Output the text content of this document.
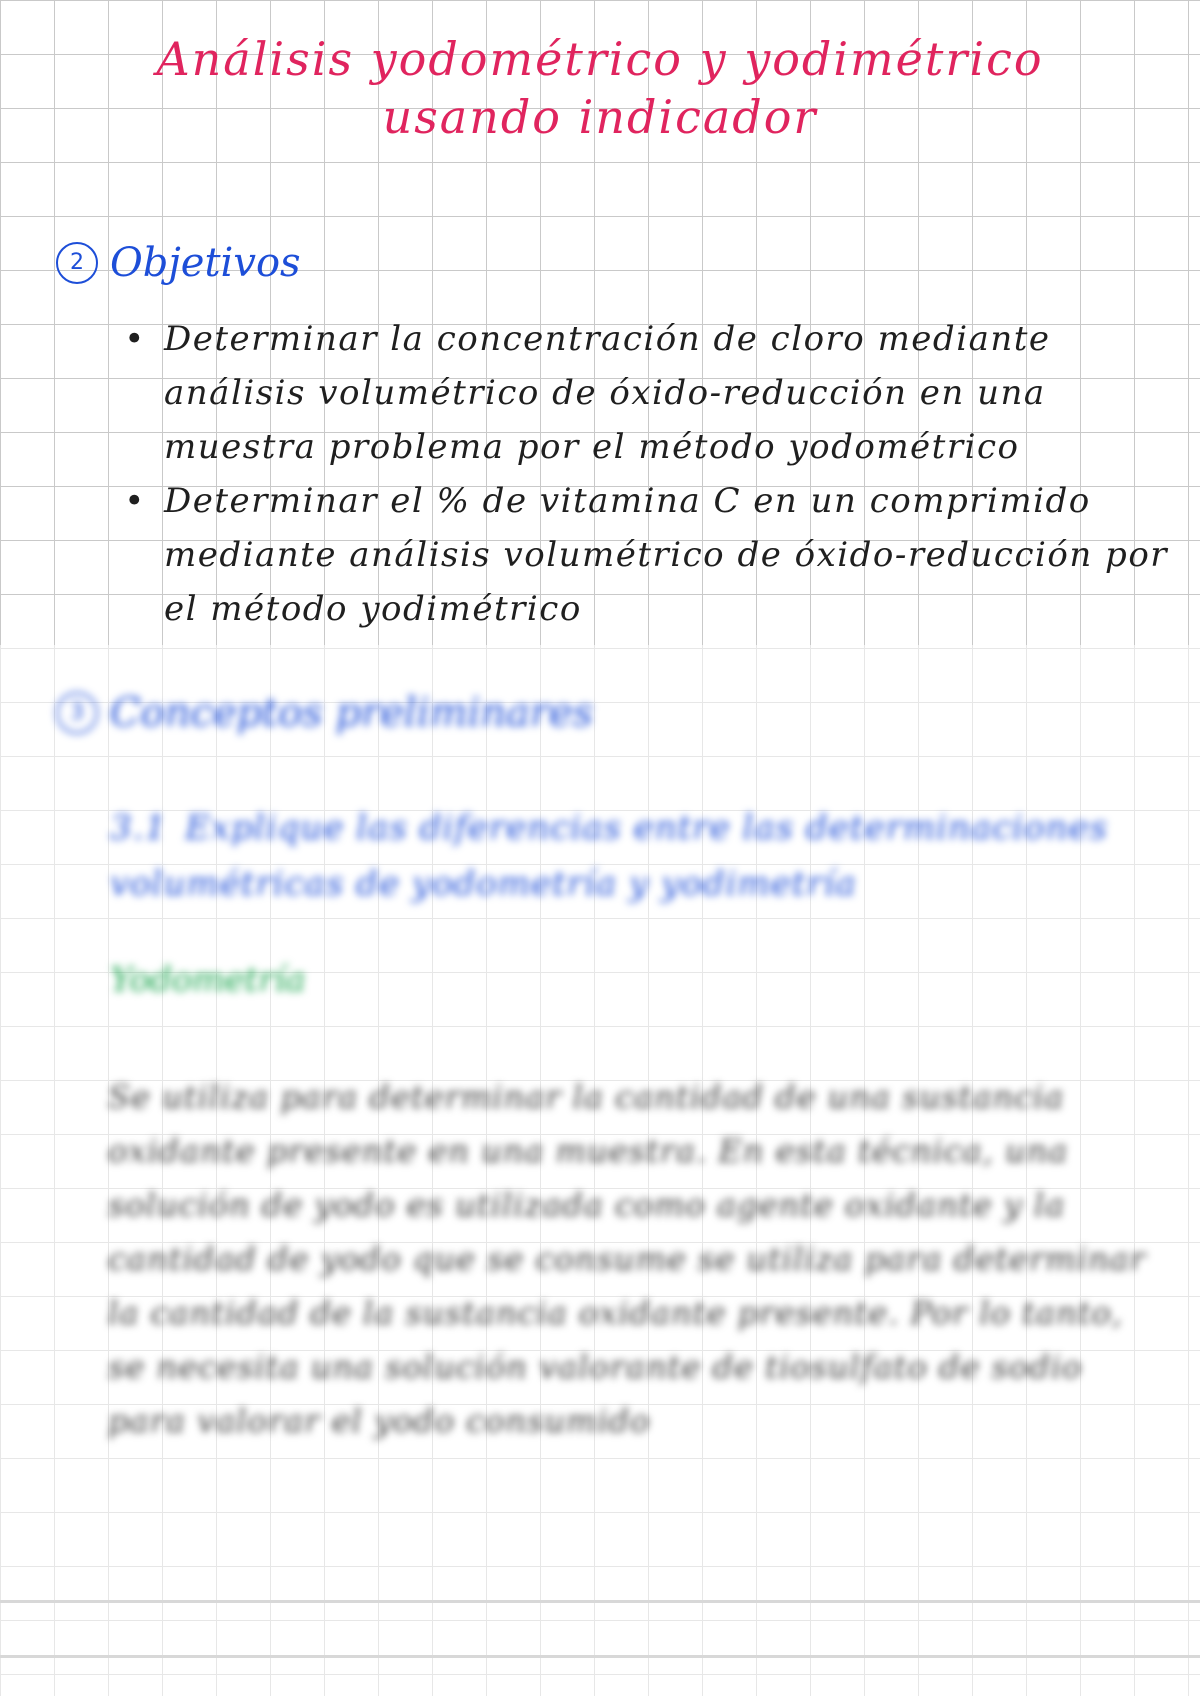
Análisis yodométrico y yodimétrico
usando indicador
2 Objetivos
• Determinar la concentración de cloro mediante análisis volumétrico de óxido-reducción en una muestra problema por el método yodométrico
• Determinar el % de vitamina C en un comprimido mediante análisis volumétrico de óxido-reducción por el método yodimétrico
3 Conceptos preliminares
3.1 Explique las diferencias entre las determinaciones volumétricas de yodometría y yodimetría
Yodometría
Se utiliza para determinar la cantidad de una sustancia oxidante presente en una muestra. En esta técnica, una solución de yodo es utilizada como agente oxidante y la cantidad de yodo que se consume se utiliza para determinar la cantidad de la sustancia oxidante presente. Por lo tanto, se necesita una solución valorante de tiosulfato de sodio para valorar el yodo consumido
